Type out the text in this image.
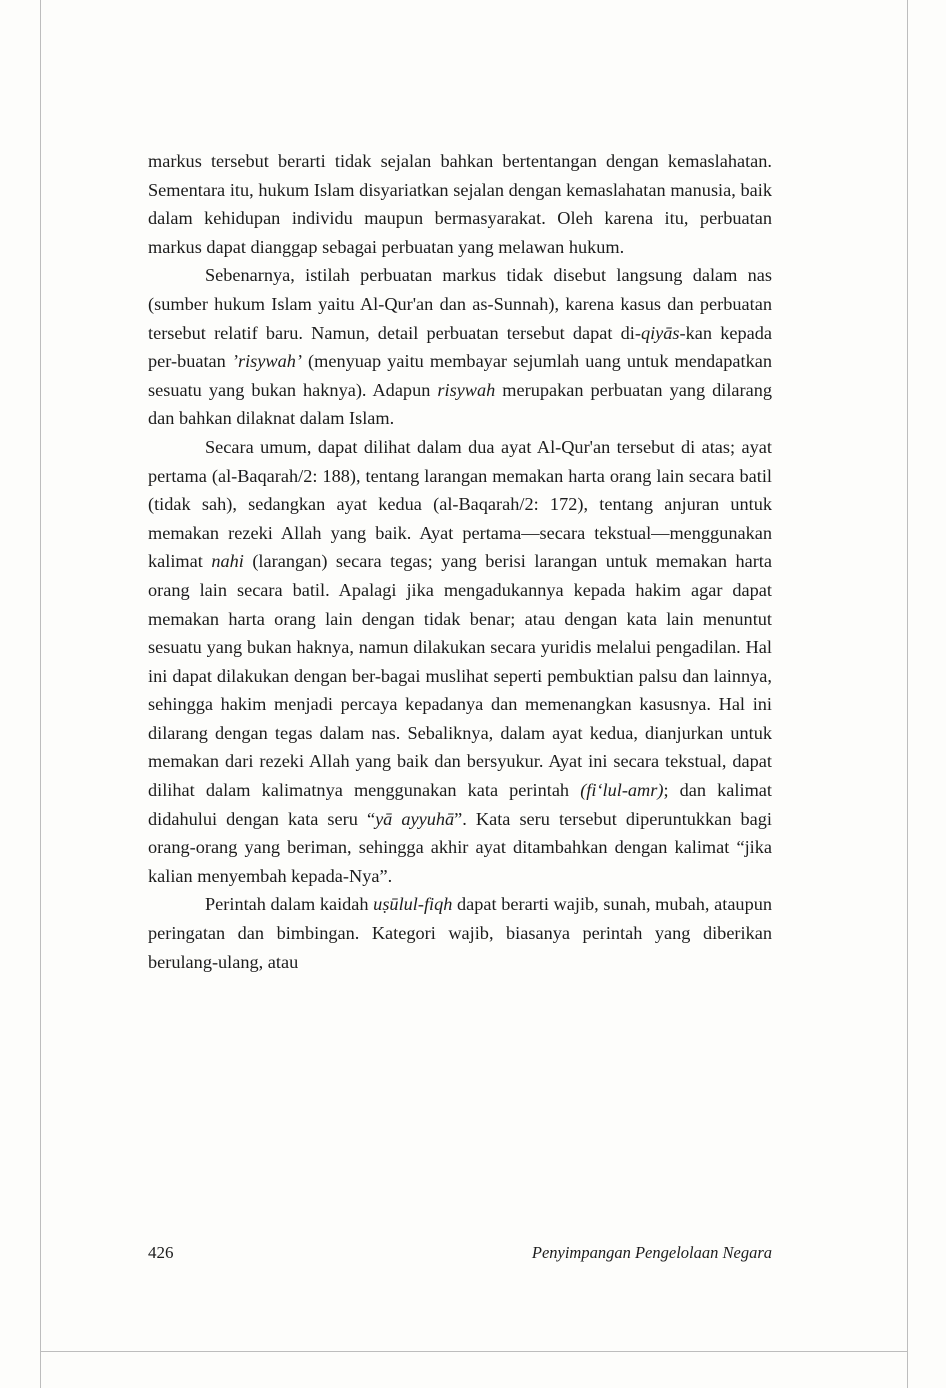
markus tersebut berarti tidak sejalan bahkan bertentangan dengan kemaslahatan. Sementara itu, hukum Islam disyariatkan sejalan dengan kemaslahatan manusia, baik dalam kehidupan individu maupun bermasyarakat. Oleh karena itu, perbuatan markus dapat dianggap sebagai perbuatan yang melawan hukum.

Sebenarnya, istilah perbuatan markus tidak disebut langsung dalam nas (sumber hukum Islam yaitu Al-Qur'an dan as-Sunnah), karena kasus dan perbuatan tersebut relatif baru. Namun, detail perbuatan tersebut dapat di-qiyās-kan kepada per-buatan ’risywah’ (menyuap yaitu membayar sejumlah uang untuk mendapatkan sesuatu yang bukan haknya). Adapun risywah merupakan perbuatan yang dilarang dan bahkan dilaknat dalam Islam.

Secara umum, dapat dilihat dalam dua ayat Al-Qur'an tersebut di atas; ayat pertama (al-Baqarah/2: 188), tentang larangan memakan harta orang lain secara batil (tidak sah), sedangkan ayat kedua (al-Baqarah/2: 172), tentang anjuran untuk memakan rezeki Allah yang baik. Ayat pertama—secara tekstual—menggunakan kalimat nahi (larangan) secara tegas; yang berisi larangan untuk memakan harta orang lain secara batil. Apalagi jika mengadukannya kepada hakim agar dapat memakan harta orang lain dengan tidak benar; atau dengan kata lain menuntut sesuatu yang bukan haknya, namun dilakukan secara yuridis melalui pengadilan. Hal ini dapat dilakukan dengan ber-bagai muslihat seperti pembuktian palsu dan lainnya, sehingga hakim menjadi percaya kepadanya dan memenangkan kasusnya. Hal ini dilarang dengan tegas dalam nas. Sebaliknya, dalam ayat kedua, dianjurkan untuk memakan dari rezeki Allah yang baik dan bersyukur. Ayat ini secara tekstual, dapat dilihat dalam kalimatnya menggunakan kata perintah (fi‘lul-amr); dan kalimat didahului dengan kata seru “yā ayyuhā”. Kata seru tersebut diperuntukkan bagi orang-orang yang beriman, sehingga akhir ayat ditambahkan dengan kalimat “jika kalian menyembah kepada-Nya”.

Perintah dalam kaidah uṣūlul-fiqh dapat berarti wajib, sunah, mubah, ataupun peringatan dan bimbingan. Kategori wajib, biasanya perintah yang diberikan berulang-ulang, atau

426	Penyimpangan Pengelolaan Negara
